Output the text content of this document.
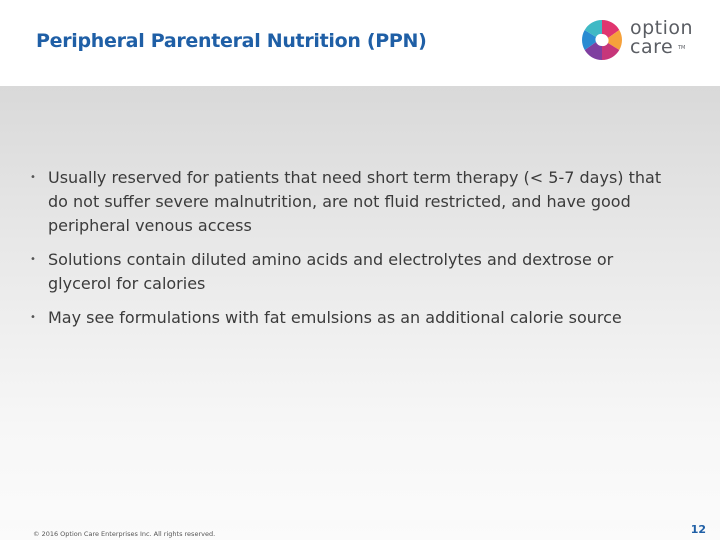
Peripheral Parenteral Nutrition (PPN)
option
care TM
• Usually reserved for patients that need short term therapy (< 5-7 days) that do not suffer severe malnutrition, are not fluid restricted, and have good peripheral venous access
• Solutions contain diluted amino acids and electrolytes and dextrose or glycerol for calories
• May see formulations with fat emulsions as an additional calorie source
© 2016 Option Care Enterprises Inc. All rights reserved.	12
